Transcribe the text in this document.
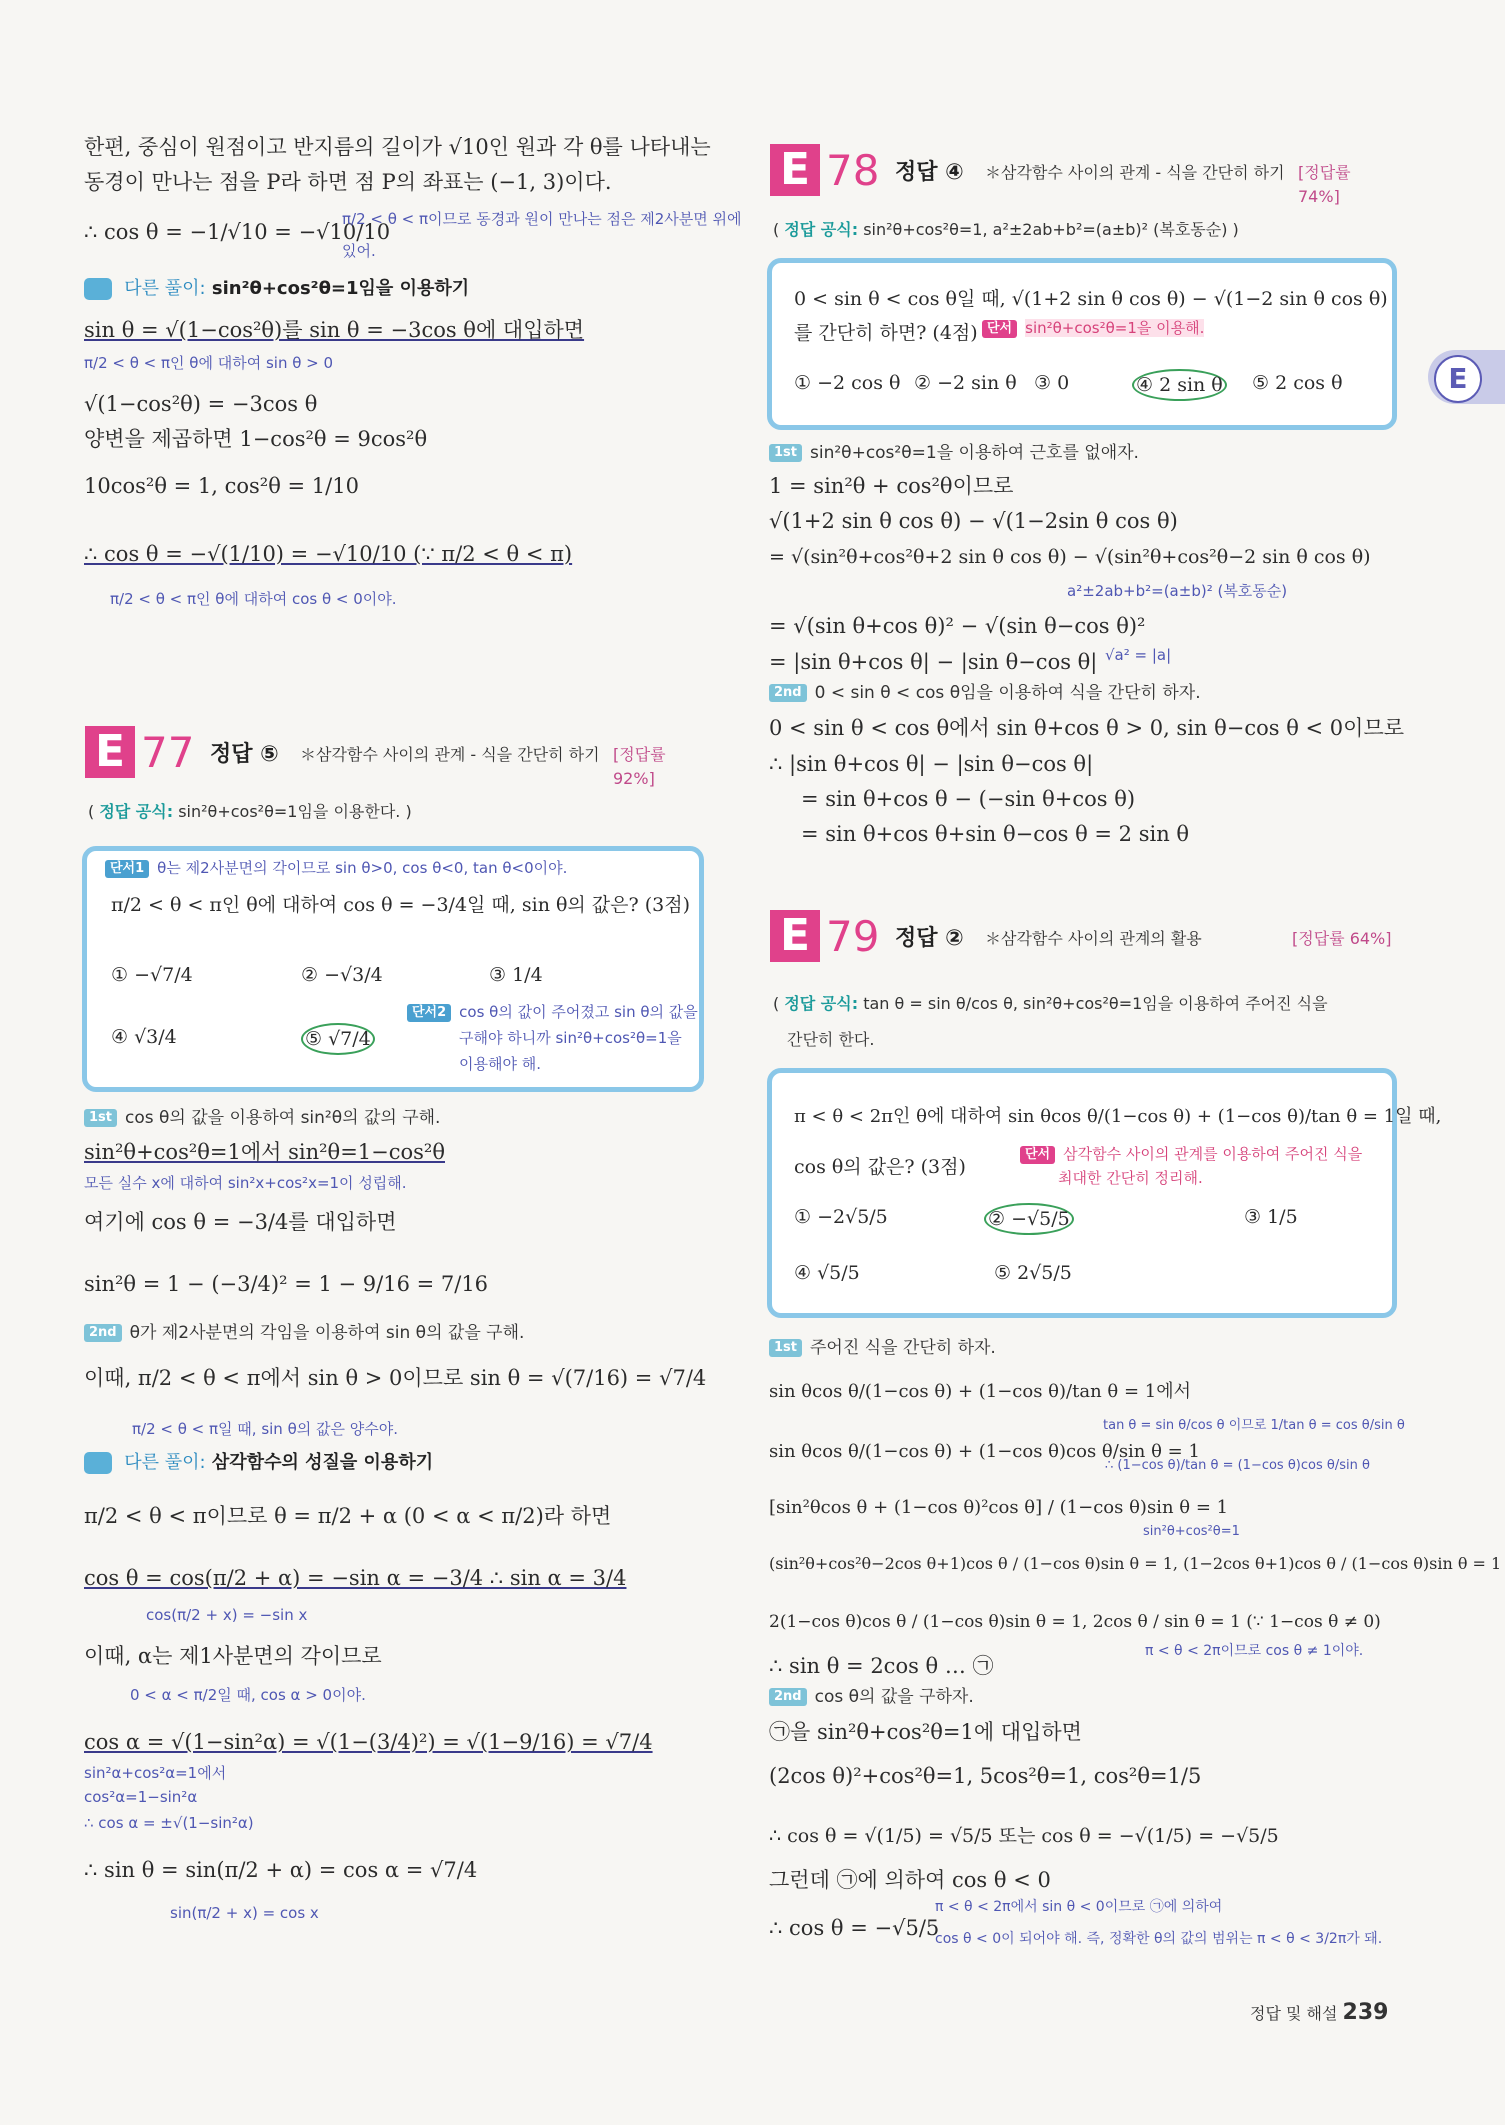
E
한편, 중심이 원점이고 반지름의 길이가 √10인 원과 각 θ를 나타내는
동경이 만나는 점을 P라 하면 점 P의 좌표는 (−1, 3)이다.
∴ cos θ = −1/√10 = −√10/10
π/2 < θ < π이므로 동경과 원이 만나는 점은 제2사분면 위에
있어.
다른 풀이: sin²θ+cos²θ=1임을 이용하기
sin θ = √(1−cos²θ)를 sin θ = −3cos θ에 대입하면
π/2 < θ < π인 θ에 대하여 sin θ > 0
√(1−cos²θ) = −3cos θ
양변을 제곱하면 1−cos²θ = 9cos²θ
10cos²θ = 1, cos²θ = 1/10
∴ cos θ = −√(1/10) = −√10/10 (∵ π/2 < θ < π)
π/2 < θ < π인 θ에 대하여 cos θ < 0이야.
E 77 정답 ⑤ ＊삼각함수 사이의 관계 - 식을 간단히 하기 [정답률 92%]
( 정답 공식: sin²θ+cos²θ=1임을 이용한다. )
단서1 θ는 제2사분면의 각이므로 sin θ>0, cos θ<0, tan θ<0이야.
π/2 < θ < π인 θ에 대하여 cos θ = −3/4일 때, sin θ의 값은? (3점)
① −√7/4	② −√3/4	③ 1/4
④ √3/4	⑤ √7/4
단서2 cos θ의 값이 주어졌고 sin θ의 값을
구해야 하니까 sin²θ+cos²θ=1을
이용해야 해.
1st cos θ의 값을 이용하여 sin²θ의 값의 구해.
sin²θ+cos²θ=1에서 sin²θ=1−cos²θ
모든 실수 x에 대하여 sin²x+cos²x=1이 성립해.
여기에 cos θ = −3/4를 대입하면
sin²θ = 1 − (−3/4)² = 1 − 9/16 = 7/16
2nd θ가 제2사분면의 각임을 이용하여 sin θ의 값을 구해.
이때, π/2 < θ < π에서 sin θ > 0이므로 sin θ = √(7/16) = √7/4
π/2 < θ < π일 때, sin θ의 값은 양수야.
다른 풀이: 삼각함수의 성질을 이용하기
π/2 < θ < π이므로 θ = π/2 + α (0 < α < π/2)라 하면
cos θ = cos(π/2 + α) = −sin α = −3/4 ∴ sin α = 3/4
cos(π/2 + x) = −sin x
이때, α는 제1사분면의 각이므로
0 < α < π/2일 때, cos α > 0이야.
cos α = √(1−sin²α) = √(1−(3/4)²) = √(1−9/16) = √7/4
sin²α+cos²α=1에서
cos²α=1−sin²α
∴ cos α = ±√(1−sin²α)
∴ sin θ = sin(π/2 + α) = cos α = √7/4
sin(π/2 + x) = cos x
E 78 정답 ④ ＊삼각함수 사이의 관계 - 식을 간단히 하기 [정답률 74%]
( 정답 공식: sin²θ+cos²θ=1, a²±2ab+b²=(a±b)² (복호동순) )
0 < sin θ < cos θ일 때, √(1+2 sin θ cos θ) − √(1−2 sin θ cos θ)
를 간단히 하면? (4점) 단서 sin²θ+cos²θ=1을 이용해.
① −2 cos θ ② −2 sin θ ③ 0	④ 2 sin θ ⑤ 2 cos θ
1st sin²θ+cos²θ=1을 이용하여 근호를 없애자.
1 = sin²θ + cos²θ이므로
√(1+2 sin θ cos θ) − √(1−2sin θ cos θ)
= √(sin²θ+cos²θ+2 sin θ cos θ) − √(sin²θ+cos²θ−2 sin θ cos θ)
a²±2ab+b²=(a±b)² (복호동순)
= √(sin θ+cos θ)² − √(sin θ−cos θ)²
= |sin θ+cos θ| − |sin θ−cos θ| √a² = |a|
2nd 0 < sin θ < cos θ임을 이용하여 식을 간단히 하자.
0 < sin θ < cos θ에서 sin θ+cos θ > 0, sin θ−cos θ < 0이므로
∴ |sin θ+cos θ| − |sin θ−cos θ|
= sin θ+cos θ − (−sin θ+cos θ)
= sin θ+cos θ+sin θ−cos θ = 2 sin θ
E 79 정답 ② ＊삼각함수 사이의 관계의 활용	[정답률 64%]
( 정답 공식: tan θ = sin θ/cos θ, sin²θ+cos²θ=1임을 이용하여 주어진 식을
간단히 한다.
π < θ < 2π인 θ에 대하여 sin θcos θ/(1−cos θ) + (1−cos θ)/tan θ = 1일 때,
cos θ의 값은? (3점)
단서 삼각함수 사이의 관계를 이용하여 주어진 식을
최대한 간단히 정리해.
① −2√5/5	② −√5/5	③ 1/5
④ √5/5	⑤ 2√5/5
1st 주어진 식을 간단히 하자.
sin θcos θ/(1−cos θ) + (1−cos θ)/tan θ = 1에서
sin θcos θ/(1−cos θ) + (1−cos θ)cos θ/sin θ = 1
tan θ = sin θ/cos θ 이므로 1/tan θ = cos θ/sin θ
∴ (1−cos θ)/tan θ = (1−cos θ)cos θ/sin θ
[sin²θcos θ + (1−cos θ)²cos θ] / (1−cos θ)sin θ = 1
sin²θ+cos²θ=1
(sin²θ+cos²θ−2cos θ+1)cos θ / (1−cos θ)sin θ = 1, (1−2cos θ+1)cos θ / (1−cos θ)sin θ = 1
2(1−cos θ)cos θ / (1−cos θ)sin θ = 1, 2cos θ / sin θ = 1 (∵ 1−cos θ ≠ 0)
π < θ < 2π이므로 cos θ ≠ 1이야.
∴ sin θ = 2cos θ … ㉠
2nd cos θ의 값을 구하자.
㉠을 sin²θ+cos²θ=1에 대입하면
(2cos θ)²+cos²θ=1, 5cos²θ=1, cos²θ=1/5
∴ cos θ = √(1/5) = √5/5 또는 cos θ = −√(1/5) = −√5/5
그런데 ㉠에 의하여 cos θ < 0
π < θ < 2π에서 sin θ < 0이므로 ㉠에 의하여
∴ cos θ = −√5/5
cos θ < 0이 되어야 해. 즉, 정확한 θ의 값의 범위는 π < θ < 3/2π가 돼.
정답 및 해설 239
